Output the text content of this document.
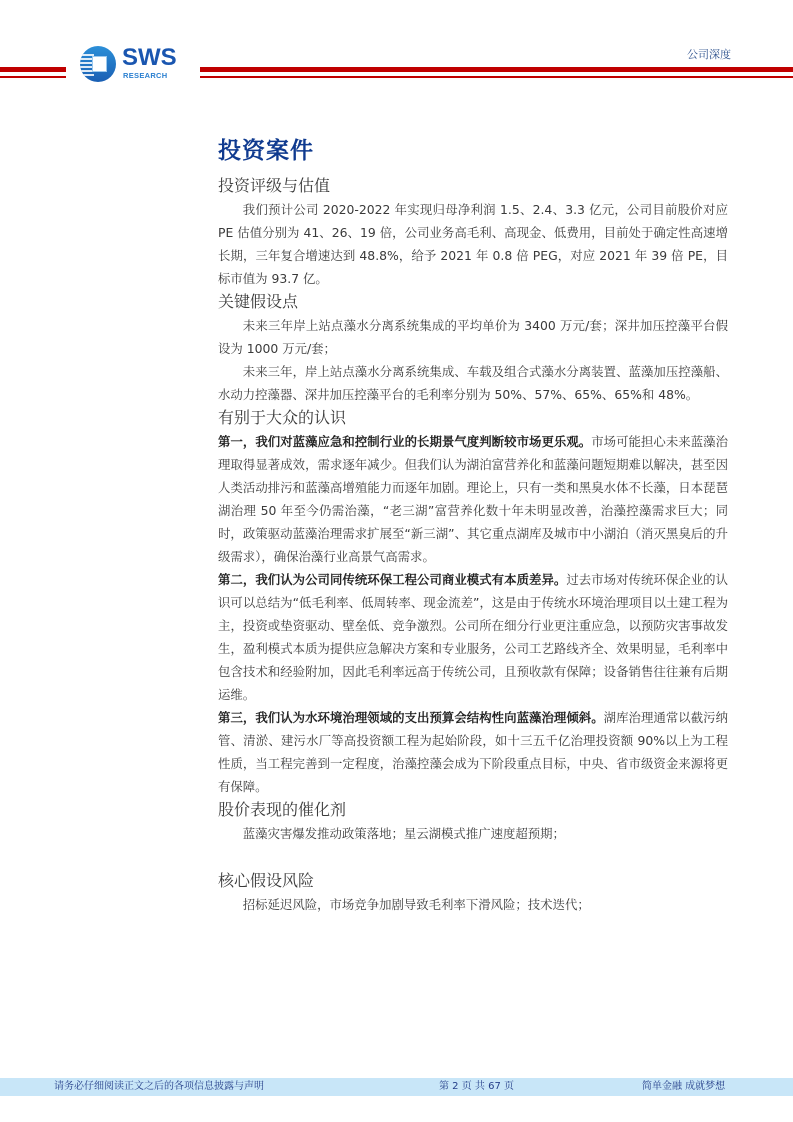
SWS
RESEARCH
公司深度
投资案件
投资评级与估值

我们预计公司 2020-2022 年实现归母净利润 1.5、2.4、3.3 亿元，公司目前股价对应 PE 估值分别为 41、26、19 倍，公司业务高毛利、高现金、低费用，目前处于确定性高速增长期，三年复合增速达到 48.8%，给予 2021 年 0.8 倍 PEG，对应 2021 年 39 倍 PE，目标市值为 93.7 亿。

关键假设点

未来三年岸上站点藻水分离系统集成的平均单价为 3400 万元/套；深井加压控藻平台假设为 1000 万元/套；

未来三年，岸上站点藻水分离系统集成、车载及组合式藻水分离装置、蓝藻加压控藻船、水动力控藻器、深井加压控藻平台的毛利率分别为 50%、57%、65%、65%和 48%。

有别于大众的认识

第一，我们对蓝藻应急和控制行业的长期景气度判断较市场更乐观。市场可能担心未来蓝藻治理取得显著成效，需求逐年减少。但我们认为湖泊富营养化和蓝藻问题短期难以解决，甚至因人类活动排污和蓝藻高增殖能力而逐年加剧。理论上，只有一类和黑臭水体不长藻，日本琵琶湖治理 50 年至今仍需治藻，“老三湖”富营养化数十年未明显改善，治藻控藻需求巨大；同时，政策驱动蓝藻治理需求扩展至“新三湖”、其它重点湖库及城市中小湖泊（消灭黑臭后的升级需求），确保治藻行业高景气高需求。

第二，我们认为公司同传统环保工程公司商业模式有本质差异。过去市场对传统环保企业的认识可以总结为“低毛利率、低周转率、现金流差”，这是由于传统水环境治理项目以土建工程为主，投资或垫资驱动、壁垒低、竞争激烈。公司所在细分行业更注重应急，以预防灾害事故发生，盈利模式本质为提供应急解决方案和专业服务，公司工艺路线齐全、效果明显，毛利率中包含技术和经验附加，因此毛利率远高于传统公司，且预收款有保障；设备销售往往兼有后期运维。

第三，我们认为水环境治理领域的支出预算会结构性向蓝藻治理倾斜。湖库治理通常以截污纳管、清淤、建污水厂等高投资额工程为起始阶段，如十三五千亿治理投资额 90%以上为工程性质，当工程完善到一定程度，治藻控藻会成为下阶段重点目标，中央、省市级资金来源将更有保障。

股价表现的催化剂

蓝藻灾害爆发推动政策落地；星云湖模式推广速度超预期；

核心假设风险

招标延迟风险，市场竞争加剧导致毛利率下滑风险；技术迭代；

请务必仔细阅读正文之后的各项信息披露与声明	第 2 页 共 67 页	简单金融 成就梦想
